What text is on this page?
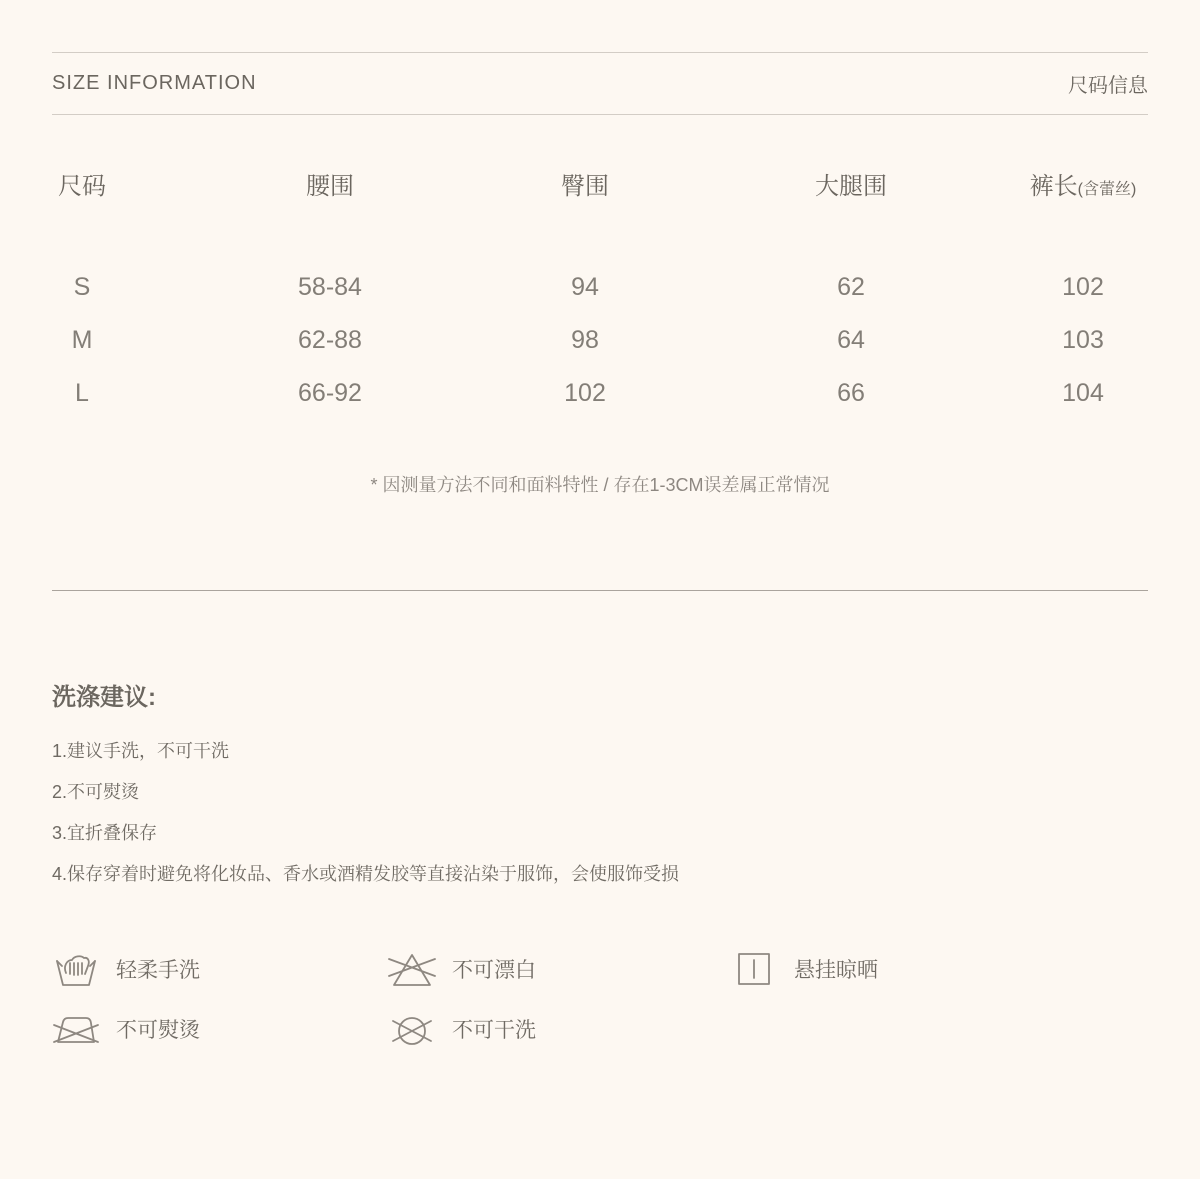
SIZE INFORMATION	尺码信息
尺码	腰围	臀围	大腿围	裤长(含蕾丝)	

S	58-84	94	62	102	
M	62-88	98	64	103	
L	66-92	102	66	104	

* 因测量方法不同和面料特性 / 存在1-3CM误差属正常情况

洗涤建议:
1.建议手洗，不可干洗
2.不可熨烫
3.宜折叠保存
4.保存穿着时避免将化妆品、香水或酒精发胶等直接沾染于服饰，会使服饰受损
轻柔手洗	不可漂白	悬挂晾晒
不可熨烫	不可干洗
